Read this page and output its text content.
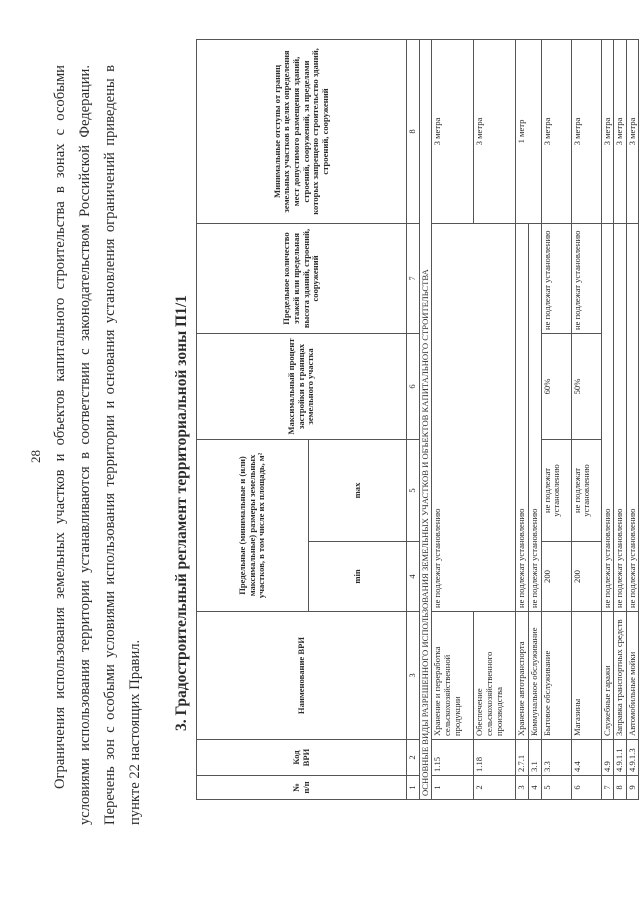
28 Ограничения использования земельных участков и объектов капитального строительства в зонах с особыми условиями использования территории устанавливаются в соответствии с законодательством Российской Федерации. Перечень зон с особыми условиями использования территории и основания установления ограничений приведены в пункте 22 настоящих Правил.

3. Градостроительный регламент территориальной зоны П1/1
№ п/п	Код ВРИ	Наименование ВРИ	Предельные (минимальные и (или) максимальные) размеры земельных участков, в том числе их площадь, м²		Максимальный процент застройки в границах земельного участка	Предельное количество этажей или предельная высота зданий, строений, сооружений	Минимальные отступы от границ земельных участков в целях определения мест допустимого размещения зданий, строений, сооружений, за пределами которых запрещено строительство зданий, строений, сооружений
			min	max			
1	2	3	4	5	6	7	8
ОСНОВНЫЕ ВИДЫ РАЗРЕШЕННОГО ИСПОЛЬЗОВАНИЯ ЗЕМЕЛЬНЫХ УЧАСТКОВ И ОБЪЕКТОВ КАПИТАЛЬНОГО СТРОИТЕЛЬСТВА							
1	1.15	Хранение и переработка сельскохозяйственной продукции	не подлежат установлению				3 метра
2	1.18	Обеспечение сельскохозяйственного производства					3 метра
3	2.7.1	Хранение автотранспорта	не подлежат установлению				1 метр
4	3.1	Коммунальное обслуживание	не подлежат установлению				
5	3.3	Бытовое обслуживание	200	не подлежат установлению	60%	не подлежат установлению	3 метра
6	4.4	Магазины	200	не подлежат установлению	50%	не подлежат установлению	3 метра
7	4.9	Служебные гаражи	не подлежат установлению				3 метра
8	4.9.1.1	Заправка транспортных средств	не подлежат установлению				3 метра
9	4.9.1.3	Автомобильные мойки	не подлежат установлению				3 метра
